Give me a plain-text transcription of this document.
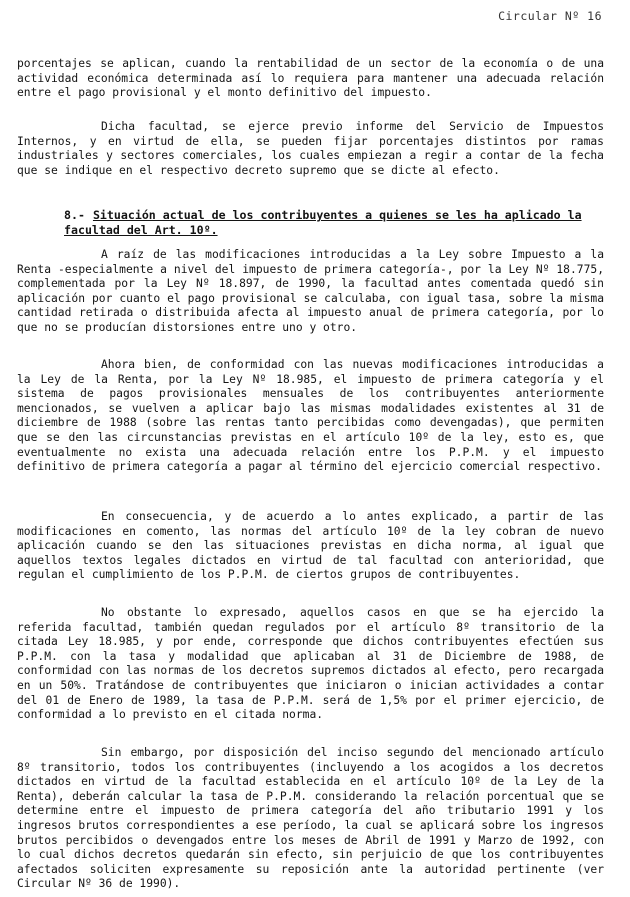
Circular Nº 16

porcentajes se aplican, cuando la rentabilidad de un sector de la economía o de una actividad económica determinada así lo requiera para mantener una adecuada relación entre el pago provisional y el monto definitivo del impuesto.

Dicha facultad, se ejerce previo informe del Servicio de Impuestos Internos, y en virtud de ella, se pueden fijar porcentajes distintos por ramas industriales y sectores comerciales, los cuales empiezan a regir a contar de la fecha que se indique en el respectivo decreto supremo que se dicte al efecto.

8.- Situación actual de los contribuyentes a quienes se les ha aplicado la facultad del Art. 10º.

A raíz de las modificaciones introducidas a la Ley sobre Impuesto a la Renta -especialmente a nivel del impuesto de primera categoría-, por la Ley Nº 18.775, complementada por la Ley Nº 18.897, de 1990, la facultad antes comentada quedó sin aplicación por cuanto el pago provisional se calculaba, con igual tasa, sobre la misma cantidad retirada o distribuida afecta al impuesto anual de primera categoría, por lo que no se producían distorsiones entre uno y otro.

Ahora bien, de conformidad con las nuevas modificaciones introducidas a la Ley de la Renta, por la Ley Nº 18.985, el impuesto de primera categoría y el sistema de pagos provisionales mensuales de los contribuyentes anteriormente mencionados, se vuelven a aplicar bajo las mismas modalidades existentes al 31 de diciembre de 1988 (sobre las rentas tanto percibidas como devengadas), que permiten que se den las circunstancias previstas en el artículo 10º de la ley, esto es, que eventualmente no exista una adecuada relación entre los P.P.M. y el impuesto definitivo de primera categoría a pagar al término del ejercicio comercial respectivo.

En consecuencia, y de acuerdo a lo antes explicado, a partir de las modificaciones en comento, las normas del artículo 10º de la ley cobran de nuevo aplicación cuando se den las situaciones previstas en dicha norma, al igual que aquellos textos legales dictados en virtud de tal facultad con anterioridad, que regulan el cumplimiento de los P.P.M. de ciertos grupos de contribuyentes.

No obstante lo expresado, aquellos casos en que se ha ejercido la referida facultad, también quedan regulados por el artículo 8º transitorio de la citada Ley 18.985, y por ende, corresponde que dichos contribuyentes efectúen sus P.P.M. con la tasa y modalidad que aplicaban al 31 de Diciembre de 1988, de conformidad con las normas de los decretos supremos dictados al efecto, pero recargada en un 50%. Tratándose de contribuyentes que iniciaron o inician actividades a contar del 01 de Enero de 1989, la tasa de P.P.M. será de 1,5% por el primer ejercicio, de conformidad a lo previsto en el citada norma.

Sin embargo, por disposición del inciso segundo del mencionado artículo 8º transitorio, todos los contribuyentes (incluyendo a los acogidos a los decretos dictados en virtud de la facultad establecida en el artículo 10º de la Ley de la Renta), deberán calcular la tasa de P.P.M. considerando la relación porcentual que se determine entre el impuesto de primera categoría del año tributario 1991 y los ingresos brutos correspondientes a ese período, la cual se aplicará sobre los ingresos brutos percibidos o devengados entre los meses de Abril de 1991 y Marzo de 1992, con lo cual dichos decretos quedarán sin efecto, sin perjuicio de que los contribuyentes afectados soliciten expresamente su reposición ante la autoridad pertinente (ver Circular Nº 36 de 1990).
